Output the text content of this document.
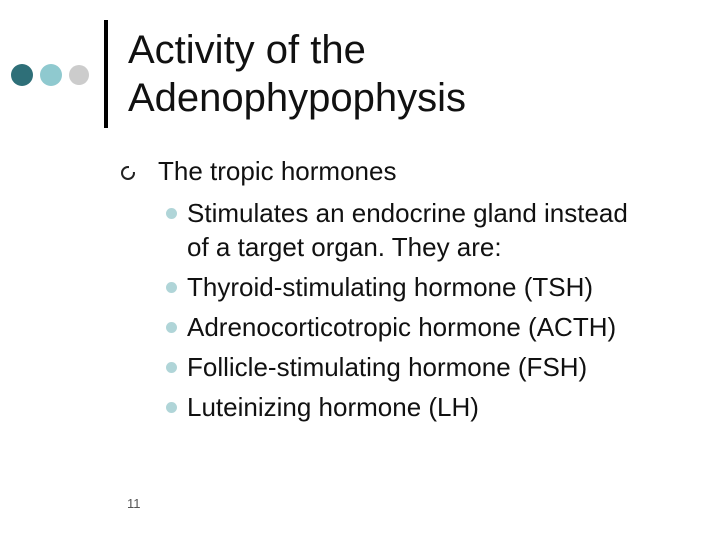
Activity of the
Adenophypophysis
The tropic hormones
Stimulates an endocrine gland instead
of a target organ. They are:
Thyroid-stimulating hormone (TSH)
Adrenocorticotropic hormone (ACTH)
Follicle-stimulating hormone (FSH)
Luteinizing hormone (LH)
11
